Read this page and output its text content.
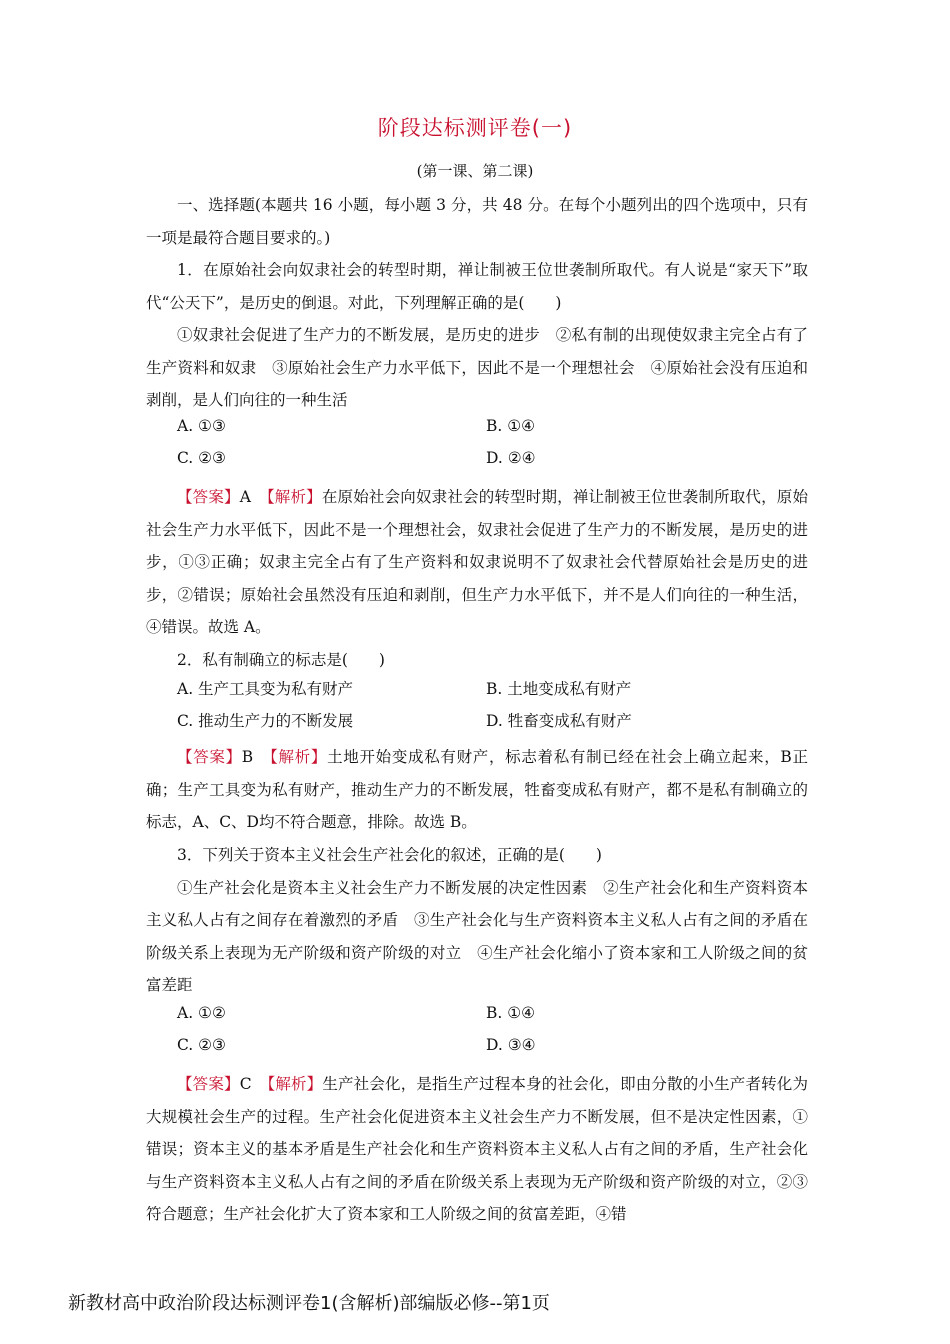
阶段达标测评卷(一)
(第一课、第二课)

一、选择题(本题共 16 小题，每小题 3 分，共 48 分。在每个小题列出的四个选项中，只有一项是最符合题目要求的。)

1．在原始社会向奴隶社会的转型时期，禅让制被王位世袭制所取代。有人说是“家天下”取代“公天下”，是历史的倒退。对此，下列理解正确的是(　　)

①奴隶社会促进了生产力的不断发展，是历史的进步　②私有制的出现使奴隶主完全占有了生产资料和奴隶　③原始社会生产力水平低下，因此不是一个理想社会　④原始社会没有压迫和剥削，是人们向往的一种生活

A. ①③	B. ①④
C. ②③	D. ②④

【答案】A　 【解析】在原始社会向奴隶社会的转型时期，禅让制被王位世袭制所取代，原始社会生产力水平低下，因此不是一个理想社会，奴隶社会促进了生产力的不断发展，是历史的进步，①③正确；奴隶主完全占有了生产资料和奴隶说明不了奴隶社会代替原始社会是历史的进步，②错误；原始社会虽然没有压迫和剥削，但生产力水平低下，并不是人们向往的一种生活，④错误。故选 A。

2．私有制确立的标志是(　　)

A. 生产工具变为私有财产	B. 土地变成私有财产
C. 推动生产力的不断发展	D. 牲畜变成私有财产

【答案】B　 【解析】土地开始变成私有财产，标志着私有制已经在社会上确立起来，B正确；生产工具变为私有财产，推动生产力的不断发展，牲畜变成私有财产，都不是私有制确立的标志，A、C、D均不符合题意，排除。故选 B。

3．下列关于资本主义社会生产社会化的叙述，正确的是(　　)

①生产社会化是资本主义社会生产力不断发展的决定性因素　②生产社会化和生产资料资本主义私人占有之间存在着激烈的矛盾　③生产社会化与生产资料资本主义私人占有之间的矛盾在阶级关系上表现为无产阶级和资产阶级的对立　④生产社会化缩小了资本家和工人阶级之间的贫富差距

A. ①②	B. ①④
C. ②③	D. ③④

【答案】C　 【解析】生产社会化，是指生产过程本身的社会化，即由分散的小生产者转化为大规模社会生产的过程。生产社会化促进资本主义社会生产力不断发展，但不是决定性因素，①错误；资本主义的基本矛盾是生产社会化和生产资料资本主义私人占有之间的矛盾，生产社会化与生产资料资本主义私人占有之间的矛盾在阶级关系上表现为无产阶级和资产阶级的对立，②③符合题意；生产社会化扩大了资本家和工人阶级之间的贫富差距，④错

新教材高中政治阶段达标测评卷1(含解析)部编版必修--第1页
